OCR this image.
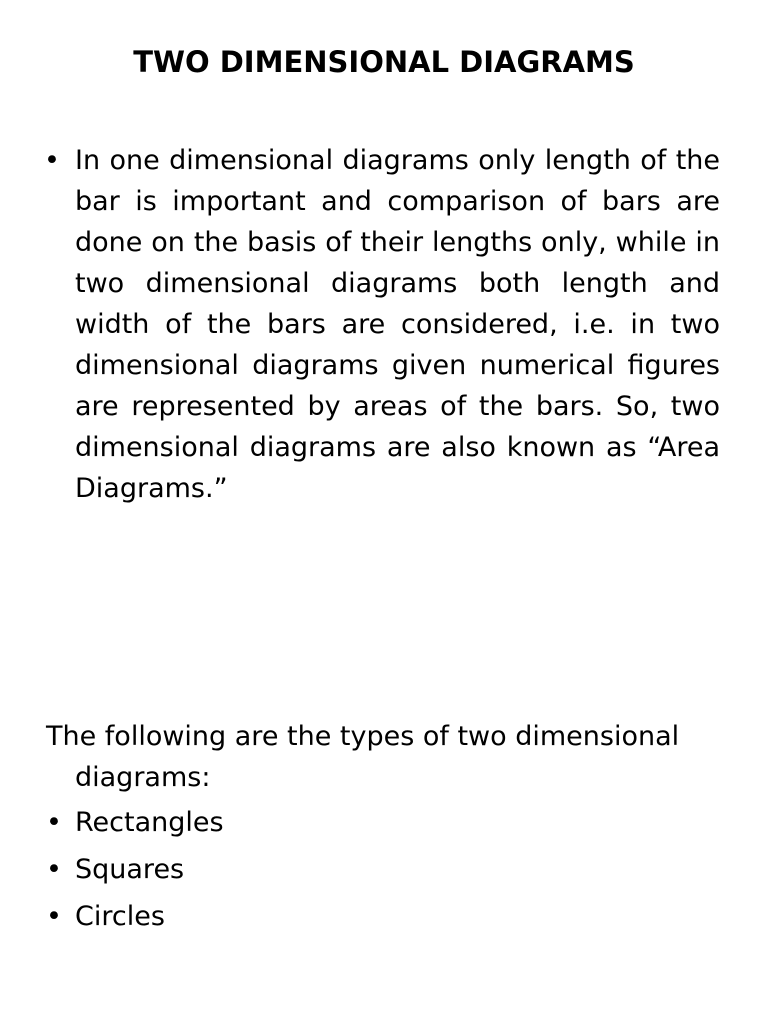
TWO DIMENSIONAL DIAGRAMS
• In one dimensional diagrams only length of the bar is important and comparison of bars are done on the basis of their lengths only, while in two dimensional diagrams both length and width of the bars are considered, i.e. in two dimensional diagrams given numerical figures are represented by areas of the bars. So, two dimensional diagrams are also known as “Area Diagrams.”

The following are the types of two dimensional diagrams:

• Rectangles
• Squares
• Circles
